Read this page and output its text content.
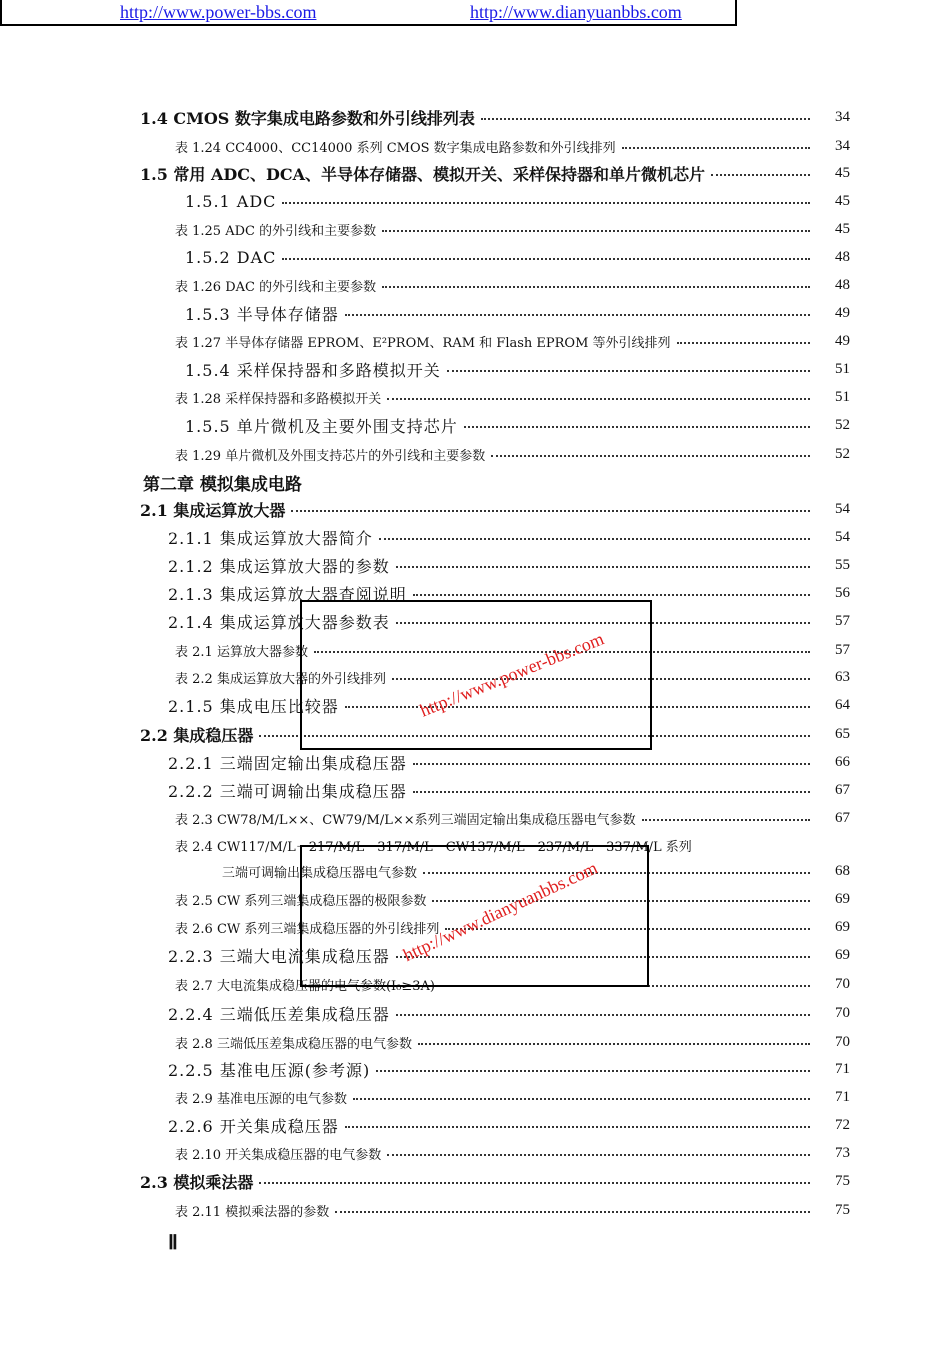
http://www.power-bbs.com	http://www.dianyuanbbs.com
1.4 CMOS 数字集成电路参数和外引线排列表	34
表 1.24 CC4000、CC14000 系列 CMOS 数字集成电路参数和外引线排列	34
1.5 常用 ADC、DCA、半导体存储器、模拟开关、采样保持器和单片微机芯片	45
1.5.1 ADC	45
表 1.25 ADC 的外引线和主要参数	45
1.5.2 DAC	48
表 1.26 DAC 的外引线和主要参数	48
1.5.3 半导体存储器	49
表 1.27 半导体存储器 EPROM、E²PROM、RAM 和 Flash EPROM 等外引线排列	49
1.5.4 采样保持器和多路模拟开关	51
表 1.28 采样保持器和多路模拟开关	51
1.5.5 单片微机及主要外围支持芯片	52
表 1.29 单片微机及外围支持芯片的外引线和主要参数	52
第二章 模拟集成电路
2.1 集成运算放大器	54
2.1.1 集成运算放大器简介	54
2.1.2 集成运算放大器的参数	55
2.1.3 集成运算放大器查阅说明	56
2.1.4 集成运算放大器参数表	57
表 2.1 运算放大器参数	57
表 2.2 集成运算放大器的外引线排列	63
2.1.5 集成电压比较器	64
2.2 集成稳压器	65
2.2.1 三端固定输出集成稳压器	66
2.2.2 三端可调输出集成稳压器	67
表 2.3 CW78/M/L××、CW79/M/L××系列三端固定输出集成稳压器电气参数	67
表 2.4 CW117/M/L－217/M/L－317/M/L　CW137/M/L－237/M/L－337/M/L 系列
三端可调输出集成稳压器电气参数	68
表 2.5 CW 系列三端集成稳压器的极限参数	69
表 2.6 CW 系列三端集成稳压器的外引线排列	69
2.2.3 三端大电流集成稳压器	69
表 2.7 大电流集成稳压器的电气参数(I₀≥3A)	70
2.2.4 三端低压差集成稳压器	70
表 2.8 三端低压差集成稳压器的电气参数	70
2.2.5 基准电压源(参考源)	71
表 2.9 基准电压源的电气参数	71
2.2.6 开关集成稳压器	72
表 2.10 开关集成稳压器的电气参数	73
2.3 模拟乘法器	75
表 2.11 模拟乘法器的参数	75
http://www.power-bbs.com
http://www.dianyuanbbs.com
Ⅱ
